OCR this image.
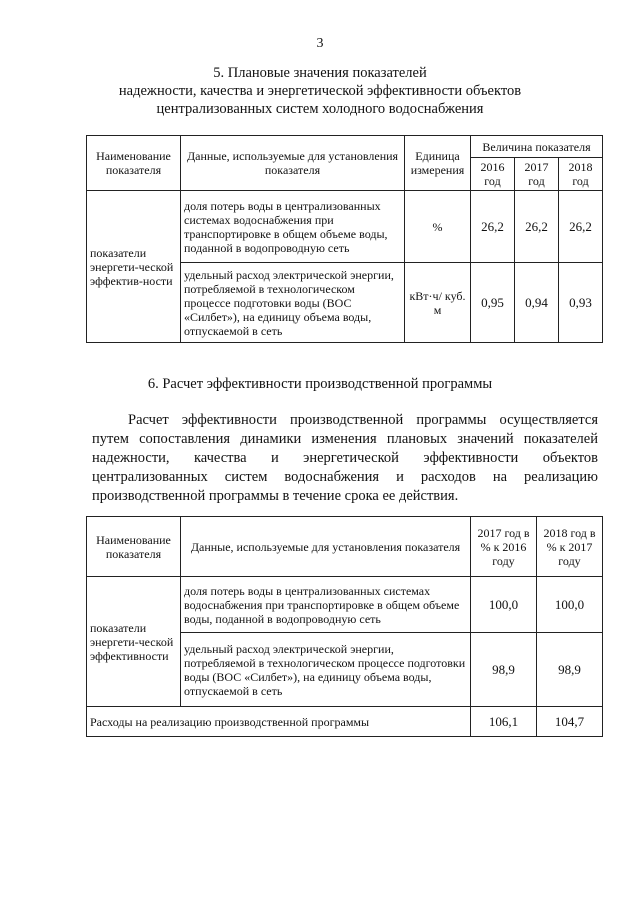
3
5. Плановые значения показателей
надежности, качества и энергетической эффективности объектов
централизованных систем холодного водоснабжения
Наименование показателя	Данные, используемые для установления показателя	Единица измерения	Величина показателя		
			2016 год	2017 год	2018 год
показатели энергети-ческой эффектив-ности	доля потерь воды в централизованных системах водоснабжения при транспортировке в общем объеме воды, поданной в водопроводную сеть	%	26,2	26,2	26,2
	удельный расход электрической энергии, потребляемой в технологическом процессе подготовки воды (ВОС «Силбет»), на единицу объема воды, отпускаемой в сеть	кВт·ч/ куб. м	0,95	0,94	0,93
6. Расчет эффективности производственной программы
Расчет эффективности производственной программы осуществляется
путем сопоставления динамики изменения плановых значений показателей
надежности, качества и энергетической эффективности объектов
централизованных систем водоснабжения и расходов на реализацию
производственной программы в течение срока ее действия.
Наименование показателя	Данные, используемые для установления показателя	2017 год в % к 2016 году	2018 год в % к 2017 году
показатели энергети-ческой эффективности	доля потерь воды в централизованных системах водоснабжения при транспортировке в общем объеме воды, поданной в водопроводную сеть	100,0	100,0
	удельный расход электрической энергии, потребляемой в технологическом процессе подготовки воды (ВОС «Силбет»), на единицу объема воды, отпускаемой в сеть	98,9	98,9
Расходы на реализацию производственной программы		106,1	104,7
